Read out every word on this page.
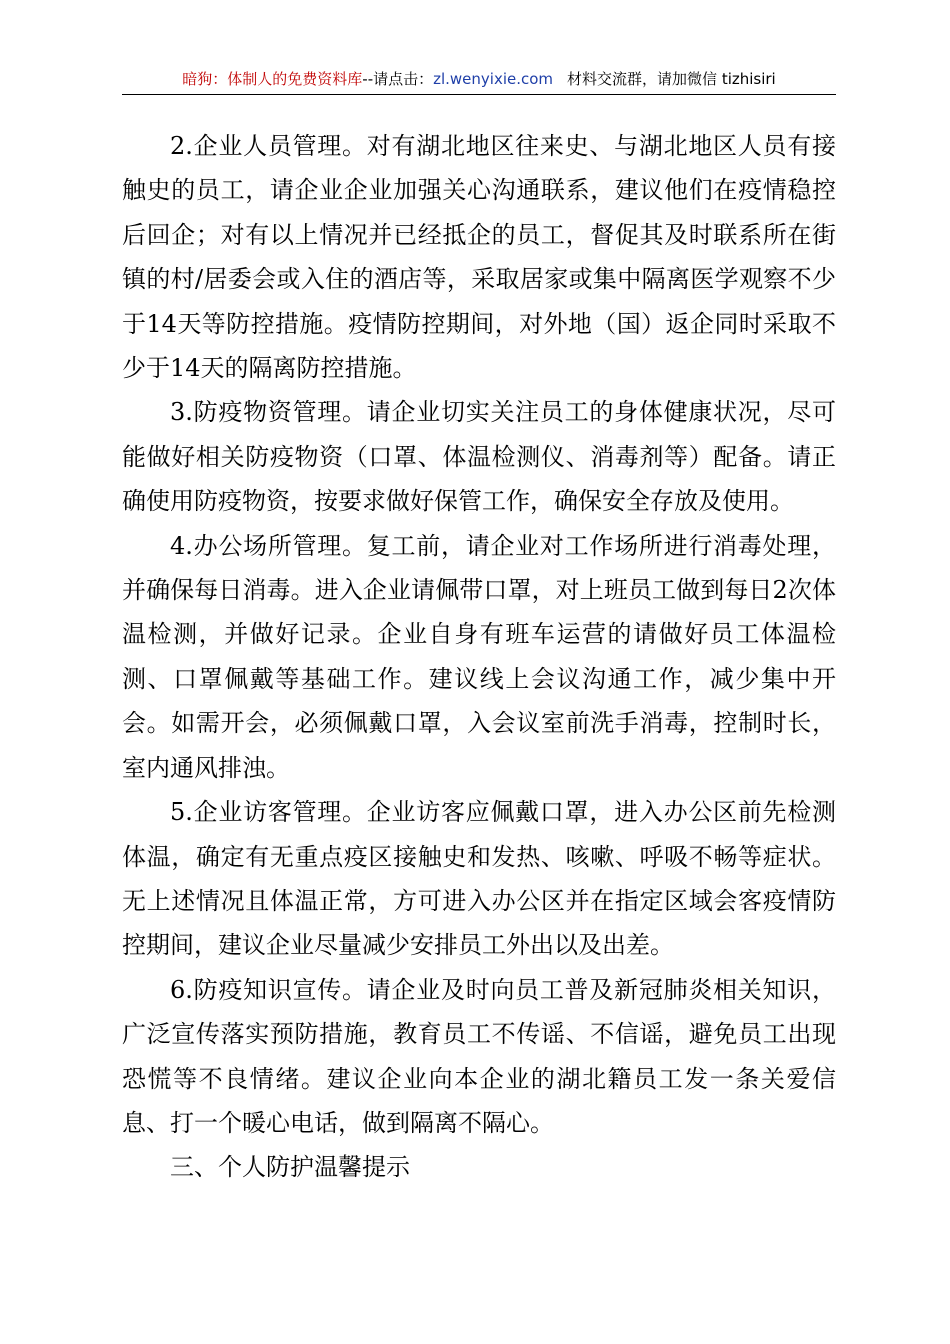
暗狗：体制人的免费资料库--请点击：zl.wenyixie.com 材料交流群，请加微信 tizhisiri

2.企业人员管理。对有湖北地区往来史、与湖北地区人员有接触史的员工，请企业企业加强关心沟通联系，建议他们在疫情稳控后回企；对有以上情况并已经抵企的员工，督促其及时联系所在街镇的村/居委会或入住的酒店等，采取居家或集中隔离医学观察不少于14天等防控措施。疫情防控期间，对外地（国）返企同时采取不少于14天的隔离防控措施。

3.防疫物资管理。请企业切实关注员工的身体健康状况，尽可能做好相关防疫物资（口罩、体温检测仪、消毒剂等）配备。请正确使用防疫物资，按要求做好保管工作，确保安全存放及使用。

4.办公场所管理。复工前，请企业对工作场所进行消毒处理，并确保每日消毒。进入企业请佩带口罩，对上班员工做到每日2次体温检测，并做好记录。企业自身有班车运营的请做好员工体温检测、口罩佩戴等基础工作。建议线上会议沟通工作，减少集中开会。如需开会，必须佩戴口罩，入会议室前洗手消毒，控制时长，室内通风排浊。

5.企业访客管理。企业访客应佩戴口罩，进入办公区前先检测体温，确定有无重点疫区接触史和发热、咳嗽、呼吸不畅等症状。无上述情况且体温正常，方可进入办公区并在指定区域会客疫情防控期间，建议企业尽量减少安排员工外出以及出差。

6.防疫知识宣传。请企业及时向员工普及新冠肺炎相关知识，广泛宣传落实预防措施，教育员工不传谣、不信谣，避免员工出现恐慌等不良情绪。建议企业向本企业的湖北籍员工发一条关爱信息、打一个暖心电话，做到隔离不隔心。

三、个人防护温馨提示
